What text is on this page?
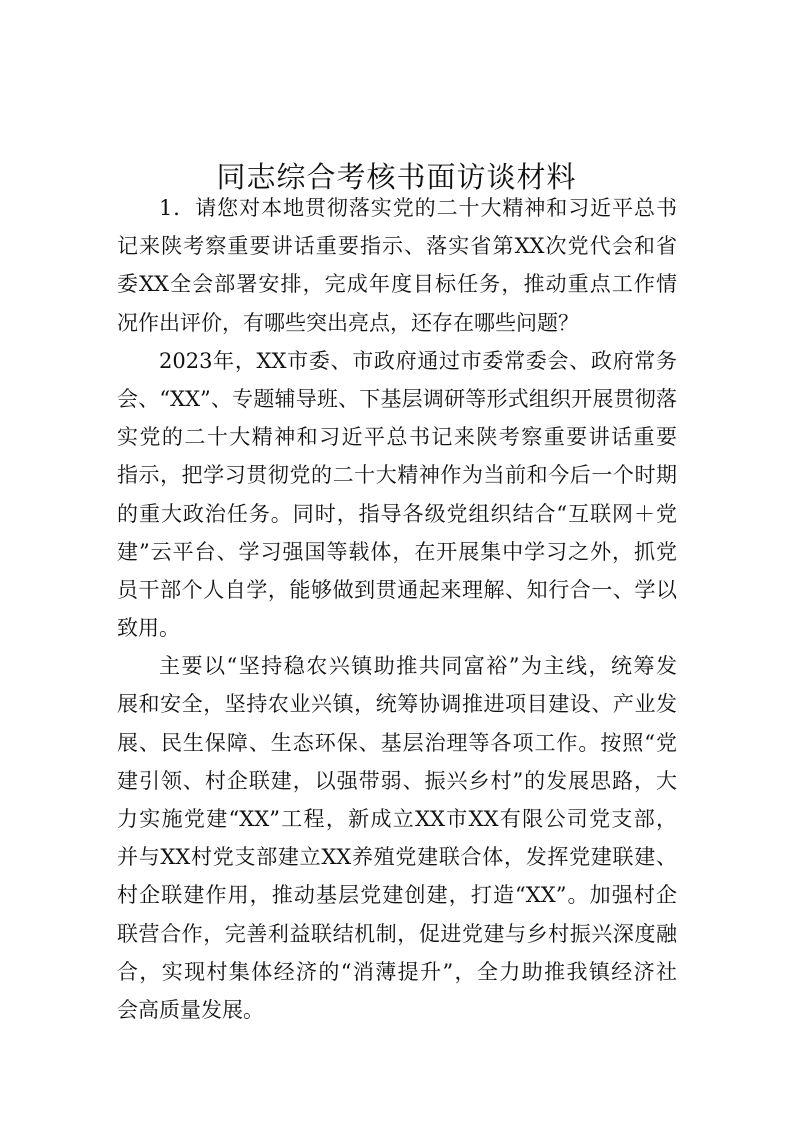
同志综合考核书面访谈材料
1．请您对本地贯彻落实党的二十大精神和习近平总书
记来陕考察重要讲话重要指示、落实省第XX次党代会和省
委XX全会部署安排，完成年度目标任务，推动重点工作情
况作出评价，有哪些突出亮点，还存在哪些问题？
2023年，XX市委、市政府通过市委常委会、政府常务
会、“XX”、专题辅导班、下基层调研等形式组织开展贯彻落
实党的二十大精神和习近平总书记来陕考察重要讲话重要
指示，把学习贯彻党的二十大精神作为当前和今后一个时期
的重大政治任务。同时，指导各级党组织结合“互联网＋党
建”云平台、学习强国等载体，在开展集中学习之外，抓党
员干部个人自学，能够做到贯通起来理解、知行合一、学以
致用。
主要以“坚持稳农兴镇助推共同富裕”为主线，统筹发
展和安全，坚持农业兴镇，统筹协调推进项目建设、产业发
展、民生保障、生态环保、基层治理等各项工作。按照“党
建引领、村企联建，以强带弱、振兴乡村”的发展思路，大
力实施党建“XX”工程，新成立XX市XX有限公司党支部，
并与XX村党支部建立XX养殖党建联合体，发挥党建联建、
村企联建作用，推动基层党建创建，打造“XX”。加强村企
联营合作，完善利益联结机制，促进党建与乡村振兴深度融
合，实现村集体经济的“消薄提升”，全力助推我镇经济社
会高质量发展。
